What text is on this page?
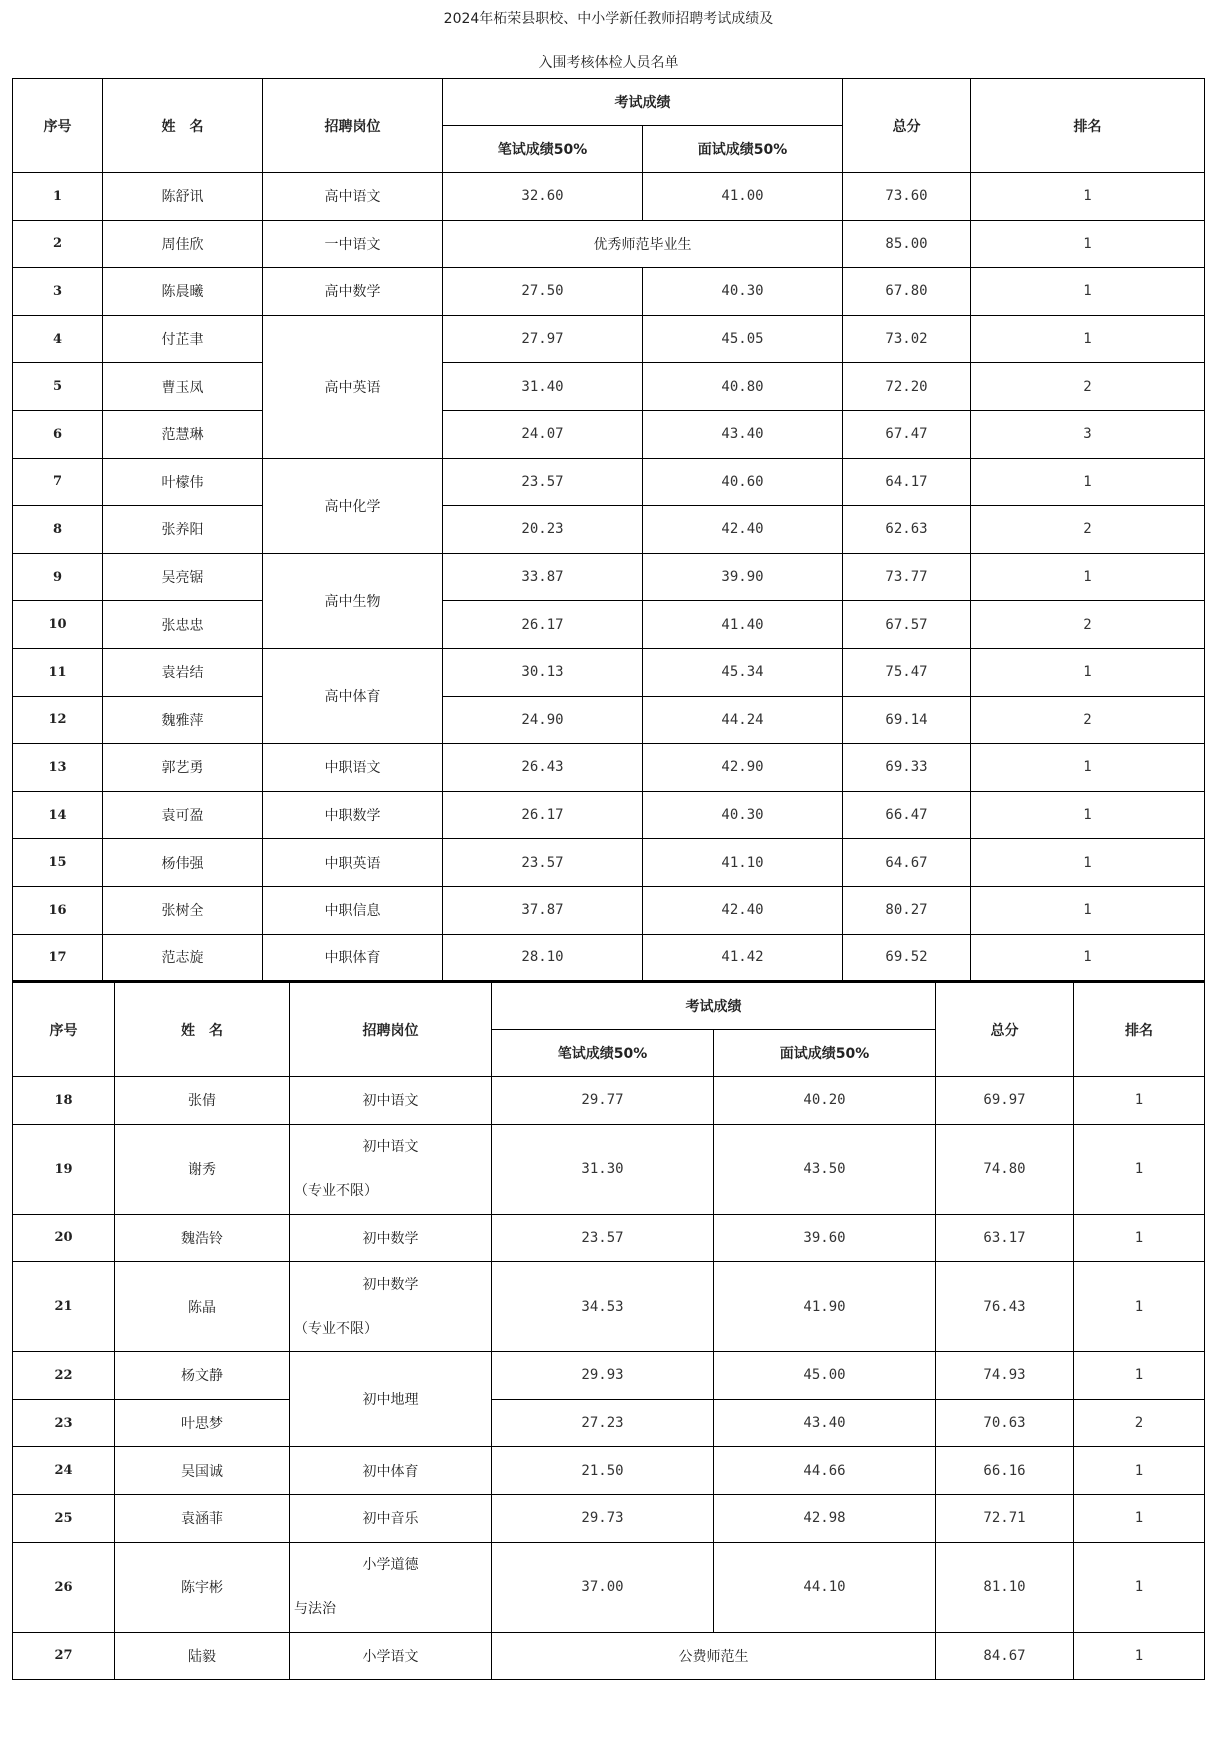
2024年柘荣县职校、中小学新任教师招聘考试成绩及
入围考核体检人员名单
序号	姓　名	招聘岗位	考试成绩		总分	排名
			笔试成绩50%	面试成绩50%		
1	陈舒讯	高中语文	32.60	41.00	73.60	1
2	周佳欣	一中语文	优秀师范毕业生		85.00	1
3	陈晨曦	高中数学	27.50	40.30	67.80	1
4	付芷聿	高中英语	27.97	45.05	73.02	1
5	曹玉凤		31.40	40.80	72.20	2
6	范慧琳		24.07	43.40	67.47	3
7	叶檬伟	高中化学	23.57	40.60	64.17	1
8	张养阳		20.23	42.40	62.63	2
9	吴亮锯	高中生物	33.87	39.90	73.77	1
10	张忠忠		26.17	41.40	67.57	2
11	袁岩结	高中体育	30.13	45.34	75.47	1
12	魏雅萍		24.90	44.24	69.14	2
13	郭艺勇	中职语文	26.43	42.90	69.33	1
14	袁可盈	中职数学	26.17	40.30	66.47	1
15	杨伟强	中职英语	23.57	41.10	64.67	1
16	张树全	中职信息	37.87	42.40	80.27	1
17	范志旋	中职体育	28.10	41.42	69.52	1
序号	姓　名	招聘岗位	考试成绩		总分	排名
			笔试成绩50%	面试成绩50%		
18	张倩	初中语文	29.77	40.20	69.97	1
19	谢秀	初中语文
（专业不限）	31.30	43.50	74.80	1
20	魏浩铃	初中数学	23.57	39.60	63.17	1
21	陈晶	初中数学
（专业不限）	34.53	41.90	76.43	1
22	杨文静	初中地理	29.93	45.00	74.93	1
23	叶思梦		27.23	43.40	70.63	2
24	吴国诚	初中体育	21.50	44.66	66.16	1
25	袁涵菲	初中音乐	29.73	42.98	72.71	1
26	陈宇彬	小学道德
与法治	37.00	44.10	81.10	1
27	陆毅	小学语文	公费师范生		84.67	1
